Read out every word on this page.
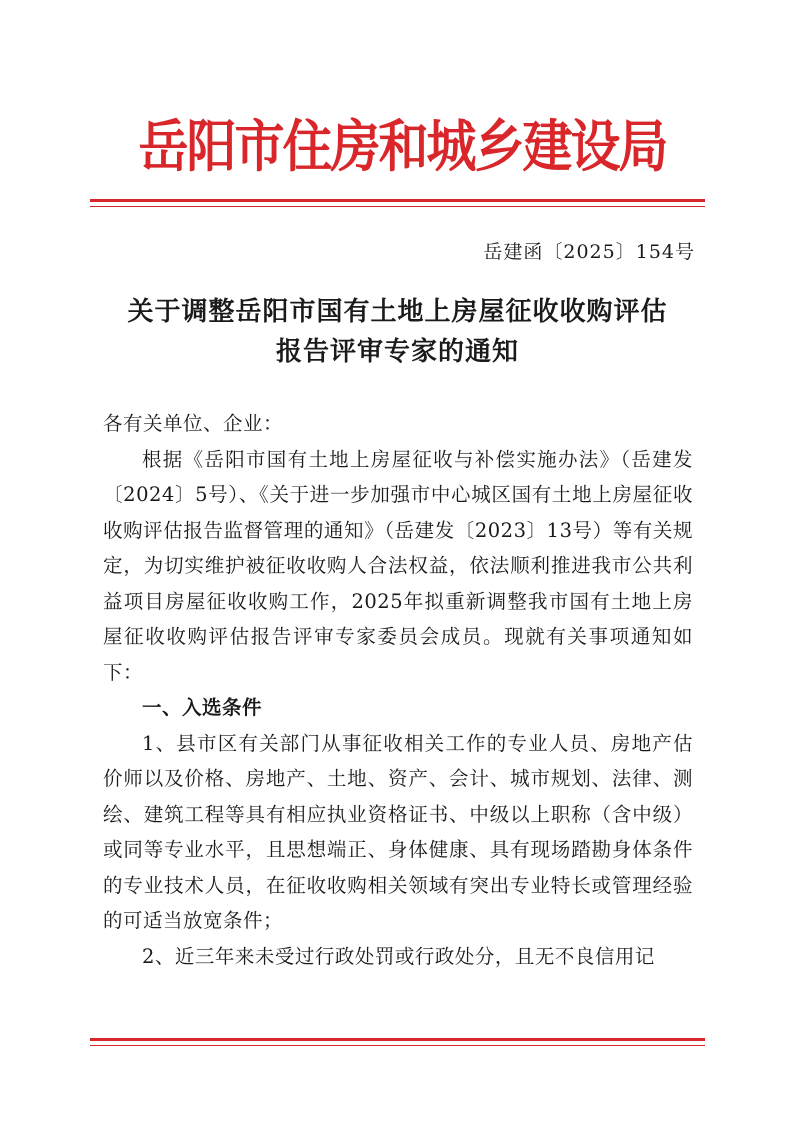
岳阳市住房和城乡建设局
岳建函〔2025〕154号
关于调整岳阳市国有土地上房屋征收收购评估
报告评审专家的通知

各有关单位、企业：

根据《岳阳市国有土地上房屋征收与补偿实施办法》（岳建发〔2024〕5号）、《关于进一步加强市中心城区国有土地上房屋征收收购评估报告监督管理的通知》（岳建发〔2023〕13号）等有关规定，为切实维护被征收收购人合法权益，依法顺利推进我市公共利益项目房屋征收收购工作，2025年拟重新调整我市国有土地上房屋征收收购评估报告评审专家委员会成员。现就有关事项通知如下：

一、入选条件

1、县市区有关部门从事征收相关工作的专业人员、房地产估价师以及价格、房地产、土地、资产、会计、城市规划、法律、测绘、建筑工程等具有相应执业资格证书、中级以上职称（含中级）或同等专业水平，且思想端正、身体健康、具有现场踏勘身体条件的专业技术人员，在征收收购相关领域有突出专业特长或管理经验的可适当放宽条件；

2、近三年来未受过行政处罚或行政处分，且无不良信用记
